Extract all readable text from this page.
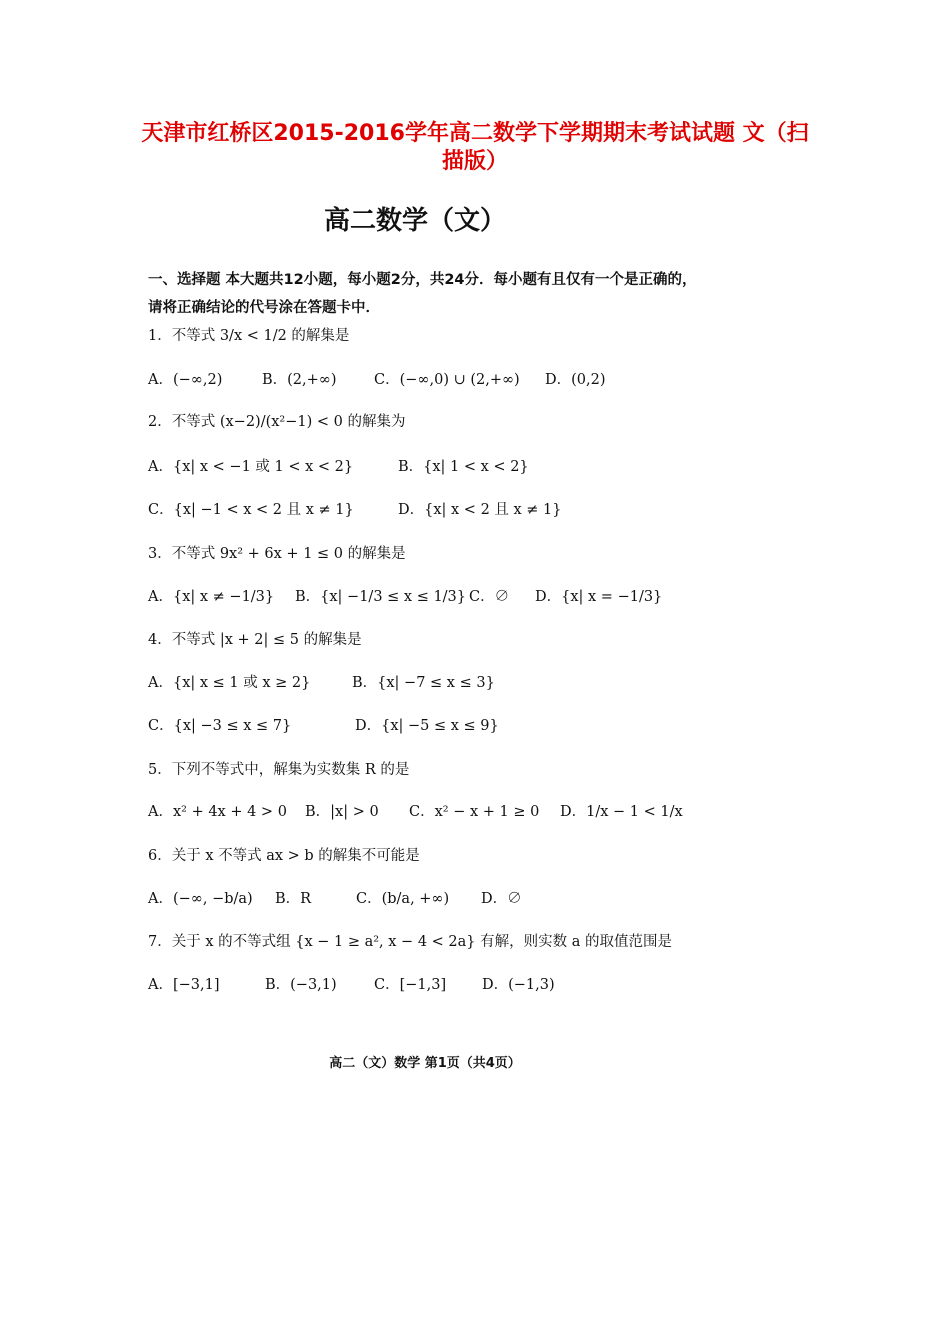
天津市红桥区2015-2016学年高二数学下学期期末考试试题 文（扫
描版）
高二数学（文）
一、选择题 本大题共12小题，每小题2分，共24分．每小题有且仅有一个是正确的，
请将正确结论的代号涂在答题卡中．
1．不等式 3/x < 1/2 的解集是
A．(−∞,2)	B．(2,+∞)	C．(−∞,0) ∪ (2,+∞) D．(0,2)
2．不等式 (x−2)/(x²−1) < 0 的解集为
A．{x| x < −1 或 1 < x < 2}	B．{x| 1 < x < 2}
C．{x| −1 < x < 2 且 x ≠ 1}	D．{x| x < 2 且 x ≠ 1}
3．不等式 9x² + 6x + 1 ≤ 0 的解集是
A．{x| x ≠ −1/3} B．{x| −1/3 ≤ x ≤ 1/3} C．∅ D．{x| x = −1/3}
4．不等式 |x + 2| ≤ 5 的解集是
A．{x| x ≤ 1 或 x ≥ 2}	B．{x| −7 ≤ x ≤ 3}
C．{x| −3 ≤ x ≤ 7}	D．{x| −5 ≤ x ≤ 9}
5．下列不等式中，解集为实数集 R 的是
A．x² + 4x + 4 > 0 B．|x| > 0 C．x² − x + 1 ≥ 0 D．1/x − 1 < 1/x
6．关于 x 不等式 ax > b 的解集不可能是
A．(−∞, −b/a) B．R	C．(b/a, +∞) D．∅
7．关于 x 的不等式组 {x − 1 ≥ a², x − 4 < 2a} 有解，则实数 a 的取值范围是
A．[−3,1]	B．(−3,1)	C．[−1,3] D．(−1,3)
高二（文）数学 第1页（共4页）
